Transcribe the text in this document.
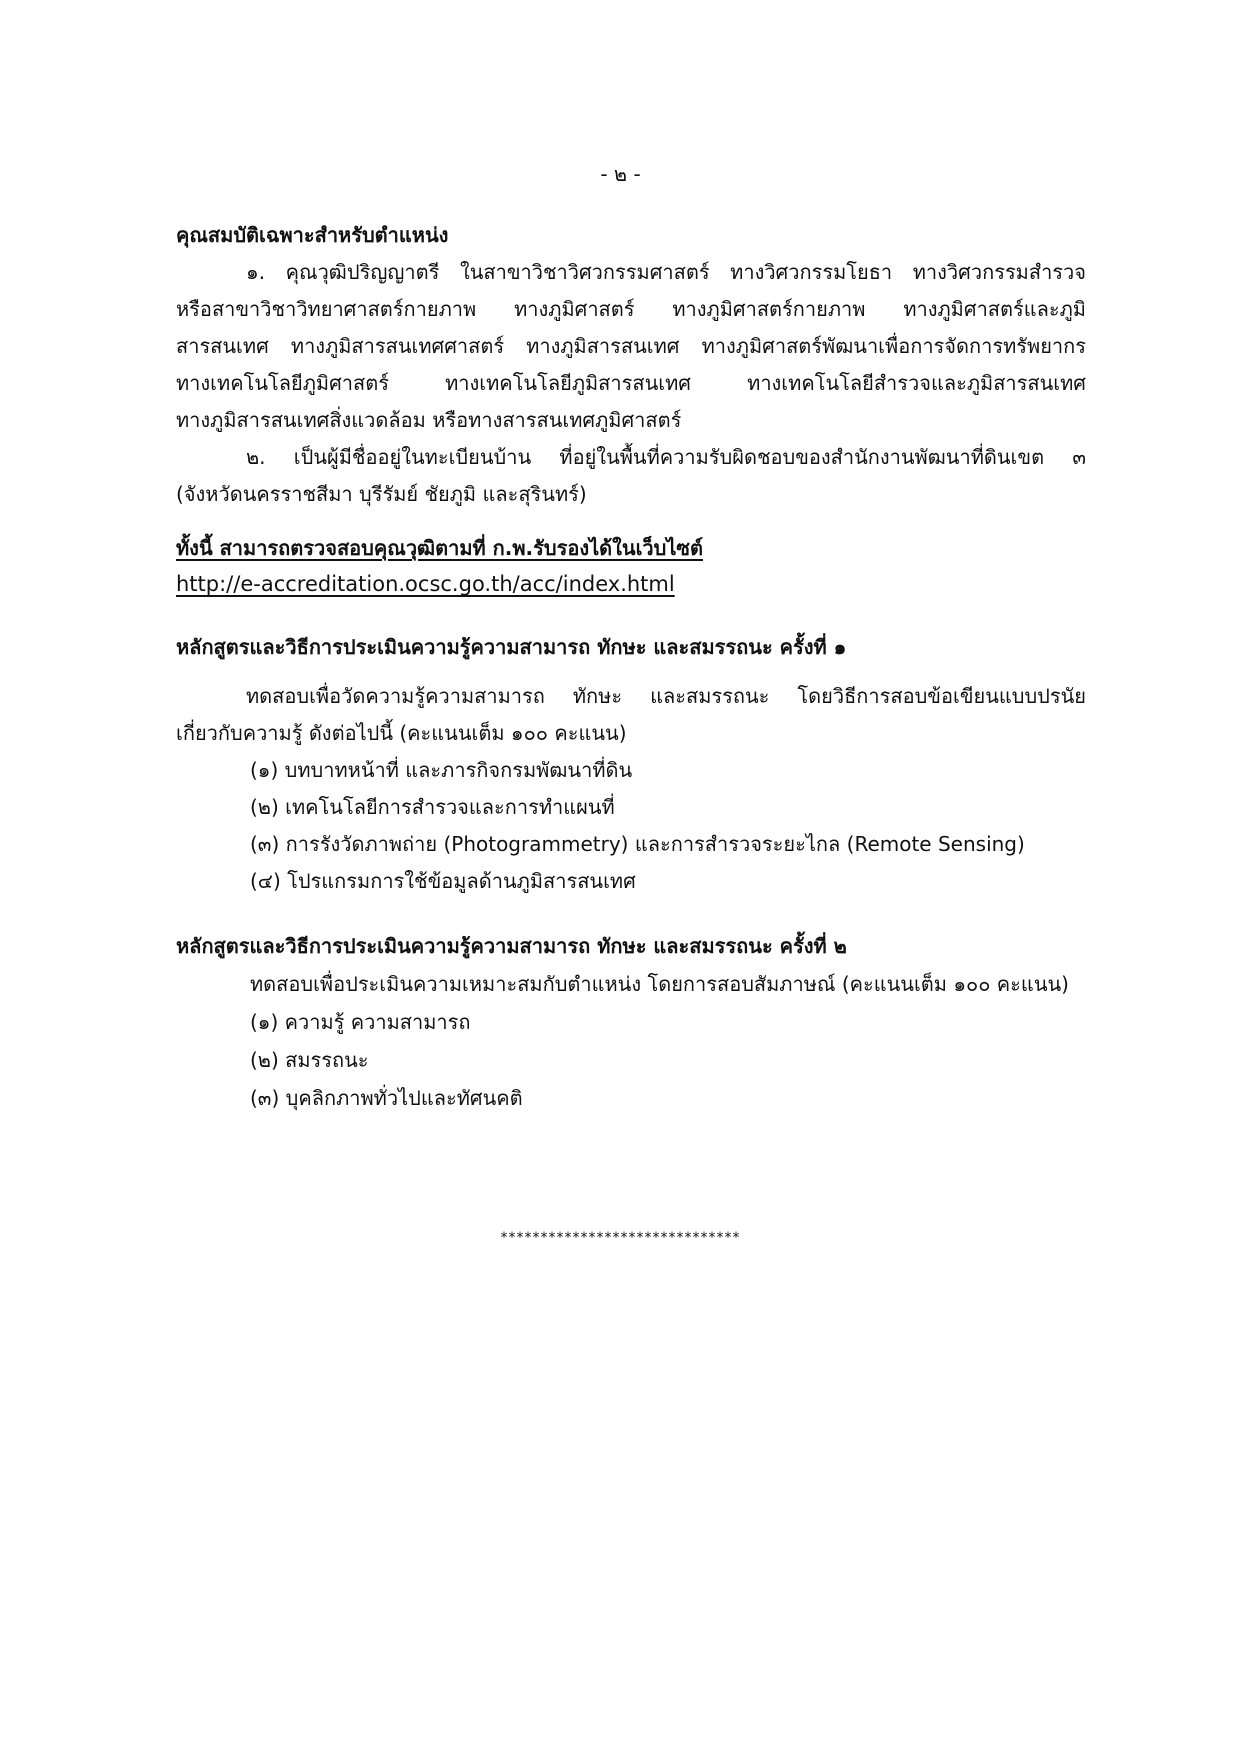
- ๒ -
คุณสมบัติเฉพาะสำหรับตำแหน่ง
๑. คุณวุฒิปริญญาตรี ในสาขาวิชาวิศวกรรมศาสตร์ ทางวิศวกรรมโยธา ทางวิศวกรรมสำรวจ
หรือสาขาวิชาวิทยาศาสตร์กายภาพ ทางภูมิศาสตร์ ทางภูมิศาสตร์กายภาพ ทางภูมิศาสตร์และภูมิ
สารสนเทศ ทางภูมิสารสนเทศศาสตร์ ทางภูมิสารสนเทศ ทางภูมิศาสตร์พัฒนาเพื่อการจัดการทรัพยากร
ทางเทคโนโลยีภูมิศาสตร์ ทางเทคโนโลยีภูมิสารสนเทศ ทางเทคโนโลยีสำรวจและภูมิสารสนเทศ
ทางภูมิสารสนเทศสิ่งแวดล้อม หรือทางสารสนเทศภูมิศาสตร์
๒. เป็นผู้มีชื่ออยู่ในทะเบียนบ้าน ที่อยู่ในพื้นที่ความรับผิดชอบของสำนักงานพัฒนาที่ดินเขต ๓
(จังหวัดนครราชสีมา บุรีรัมย์ ชัยภูมิ และสุรินทร์)
ทั้งนี้ สามารถตรวจสอบคุณวุฒิตามที่ ก.พ.รับรองได้ในเว็บไซต์
http://e-accreditation.ocsc.go.th/acc/index.html
หลักสูตรและวิธีการประเมินความรู้ความสามารถ ทักษะ และสมรรถนะ ครั้งที่ ๑
ทดสอบเพื่อวัดความรู้ความสามารถ ทักษะ และสมรรถนะ โดยวิธีการสอบข้อเขียนแบบปรนัย
เกี่ยวกับความรู้ ดังต่อไปนี้ (คะแนนเต็ม ๑๐๐ คะแนน)
(๑) บทบาทหน้าที่ และภารกิจกรมพัฒนาที่ดิน
(๒) เทคโนโลยีการสำรวจและการทำแผนที่
(๓) การรังวัดภาพถ่าย (Photogrammetry) และการสำรวจระยะไกล (Remote Sensing)
(๔) โปรแกรมการใช้ข้อมูลด้านภูมิสารสนเทศ
หลักสูตรและวิธีการประเมินความรู้ความสามารถ ทักษะ และสมรรถนะ ครั้งที่ ๒
ทดสอบเพื่อประเมินความเหมาะสมกับตำแหน่ง โดยการสอบสัมภาษณ์ (คะแนนเต็ม ๑๐๐ คะแนน)
(๑) ความรู้ ความสามารถ
(๒) สมรรถนะ
(๓) บุคลิกภาพทั่วไปและทัศนคติ
******************************
